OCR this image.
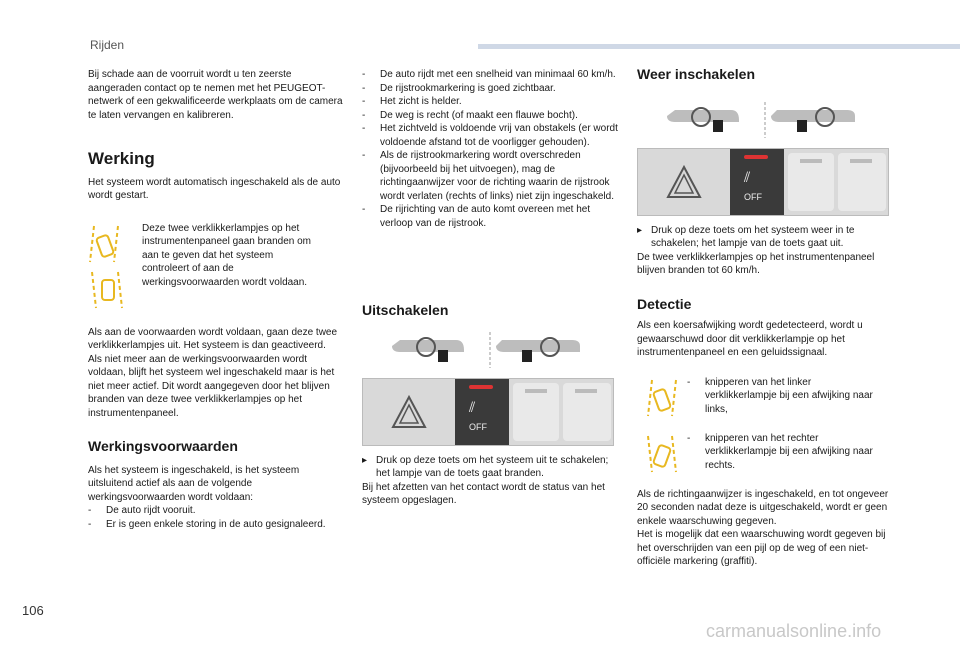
Rijden

Bij schade aan de voorruit wordt u ten zeerste aangeraden contact op te nemen met het PEUGEOT-netwerk of een gekwalificeerde werkplaats om de camera te laten vervangen en kalibreren.

Werking

Het systeem wordt automatisch ingeschakeld als de auto wordt gestart.

Deze twee verklikkerlampjes op het instrumentenpaneel gaan branden om aan te geven dat het systeem controleert of aan de werkingsvoorwaarden wordt voldaan.

Als aan de voorwaarden wordt voldaan, gaan deze twee verklikkerlampjes uit. Het systeem is dan geactiveerd.

Als niet meer aan de werkingsvoorwaarden wordt voldaan, blijft het systeem wel ingeschakeld maar is het niet meer actief. Dit wordt aangegeven door het blijven branden van deze twee verklikkerlampjes op het instrumentenpaneel.

Werkingsvoorwaarden

Als het systeem is ingeschakeld, is het systeem uitsluitend actief als aan de volgende werkingsvoorwaarden wordt voldaan:

- De auto rijdt vooruit.
- Er is geen enkele storing in de auto gesignaleerd.
- De auto rijdt met een snelheid van minimaal 60 km/h.
- De rijstrookmarkering is goed zichtbaar.
- Het zicht is helder.
- De weg is recht (of maakt een flauwe bocht).
- Het zichtveld is voldoende vrij van obstakels (er wordt voldoende afstand tot de voorligger gehouden).
- Als de rijstrookmarkering wordt overschreden (bijvoorbeeld bij het uitvoegen), mag de richtingaanwijzer voor de richting waarin de rijstrook wordt verlaten (rechts of links) niet zijn ingeschakeld.
- De rijrichting van de auto komt overeen met het verloop van de rijstrook.
Uitschakelen
⫽
OFF
▸ Druk op deze toets om het systeem uit te schakelen; het lampje van de toets gaat branden.

Bij het afzetten van het contact wordt de status van het systeem opgeslagen.

Weer inschakelen
⫽
OFF
▸ Druk op deze toets om het systeem weer in te schakelen; het lampje van de toets gaat uit.

De twee verklikkerlampjes op het instrumentenpaneel blijven branden tot 60 km/h.

Detectie

Als een koersafwijking wordt gedetecteerd, wordt u gewaarschuwd door dit verklikkerlampje op het instrumentenpaneel en een geluidssignaal.

- knipperen van het linker verklikkerlampje bij een afwijking naar links,
- knipperen van het rechter verklikkerlampje bij een afwijking naar rechts.

Als de richtingaanwijzer is ingeschakeld, en tot ongeveer 20 seconden nadat deze is uitgeschakeld, wordt er geen enkele waarschuwing gegeven.

Het is mogelijk dat een waarschuwing wordt gegeven bij het overschrijden van een pijl op de weg of een niet-officiële markering (graffiti).

106
carmanualsonline.info
